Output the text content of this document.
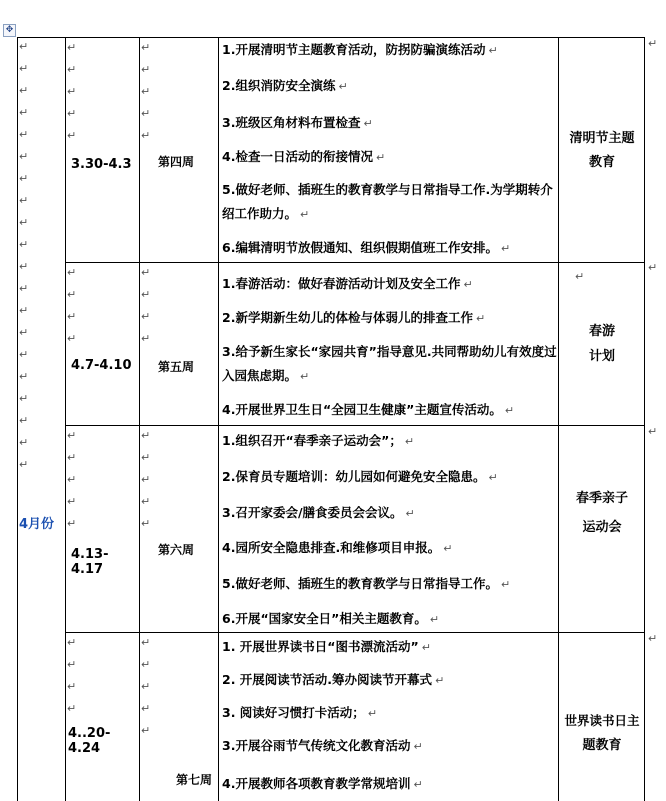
✥
↵

↵

↵

↵

↵

↵

↵

↵

↵

↵

↵

↵

↵

↵

↵

↵

↵

↵

↵

↵
4月份
↵

↵

↵

↵

↵
3.30-4.3
↵

↵

↵

↵

↵
第四周
1.开展清明节主题教育活动，防拐防骗演练活动 ↵
2.组织消防安全演练 ↵
3.班级区角材料布置检查 ↵
4.检查一日活动的衔接情况 ↵
5.做好老师、插班生的教育教学与日常指导工作.为学期转介绍工作助力。 ↵
6.编辑清明节放假通知、组织假期值班工作安排。 ↵
清明节主题
教育
↵

↵

↵

↵
4.7-4.10
↵

↵

↵

↵
第五周
1.春游活动：做好春游活动计划及安全工作 ↵
2.新学期新生幼儿的体检与体弱儿的排查工作 ↵
3.给予新生家长“家园共育”指导意见.共同帮助幼儿有效度过入园焦虑期。 ↵
4.开展世界卫生日“全园卫生健康”主题宣传活动。 ↵
↵
春游
计划
↵

↵

↵

↵

↵
4.13-4.17
↵

↵

↵

↵

↵
第六周
1.组织召开“春季亲子运动会”； ↵
2.保育员专题培训：幼儿园如何避免安全隐患。 ↵
3.召开家委会/膳食委员会会议。 ↵
4.园所安全隐患排查.和维修项目申报。 ↵
5.做好老师、插班生的教育教学与日常指导工作。 ↵
6.开展“国家安全日”相关主题教育。 ↵
春季亲子
运动会
↵

↵

↵

↵
4..20-4.24
↵

↵

↵

↵

↵
第七周
1. 开展世界读书日“图书漂流活动” ↵
2. 开展阅读节活动.筹办阅读节开幕式 ↵
3. 阅读好习惯打卡活动； ↵
3.开展谷雨节气传统文化教育活动 ↵
4.开展教师各项教育教学常规培训 ↵
世界读书日主
题教育
↵
↵
↵
↵
